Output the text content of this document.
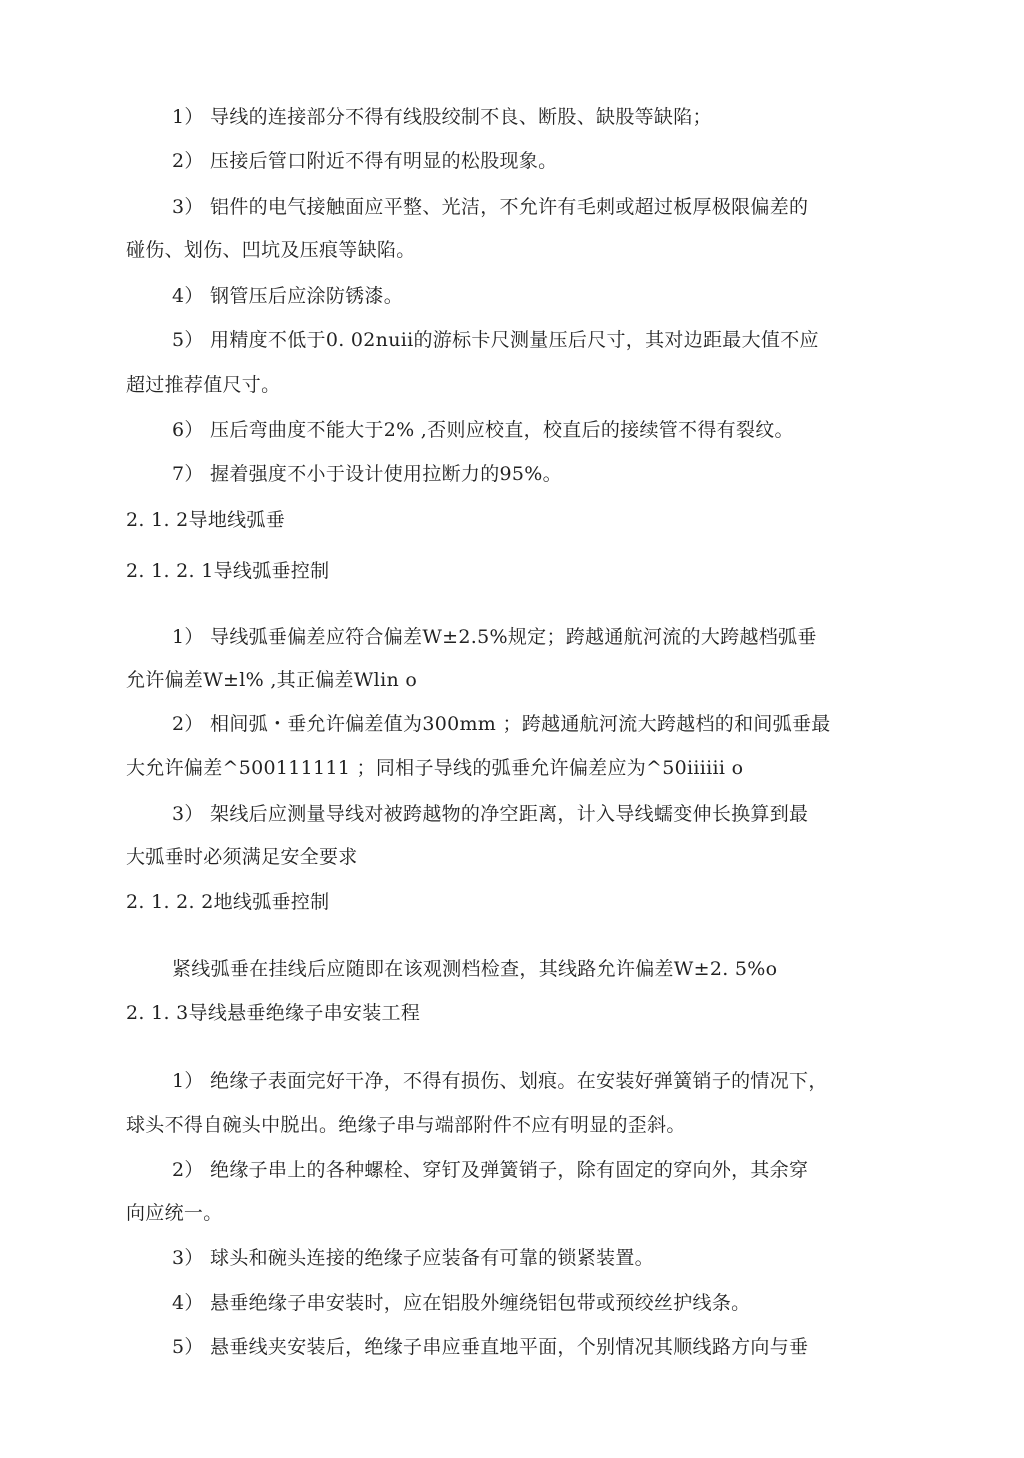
1） 导线的连接部分不得有线股绞制不良、断股、缺股等缺陷；
2） 压接后管口附近不得有明显的松股现象。
3） 铝件的电气接触面应平整、光洁，不允许有毛刺或超过板厚极限偏差的
碰伤、划伤、凹坑及压痕等缺陷。
4） 钢管压后应涂防锈漆。
5） 用精度不低于0. 02nuii的游标卡尺测量压后尺寸，其对边距最大值不应
超过推荐值尺寸。
6） 压后弯曲度不能大于2% ,否则应校直，校直后的接续管不得有裂纹。
7） 握着强度不小于设计使用拉断力的95%。
2. 1. 2导地线弧垂
2. 1. 2. 1导线弧垂控制
1） 导线弧垂偏差应符合偏差W±2.5%规定；跨越通航河流的大跨越档弧垂
允许偏差W±l% ,其正偏差Wlin o
2） 相间弧・垂允许偏差值为300mm ；跨越通航河流大跨越档的和间弧垂最
大允许偏差^500111111 ；同相子导线的弧垂允许偏差应为^50iiiiii o
3） 架线后应测量导线对被跨越物的净空距离，计入导线蠕变伸长换算到最
大弧垂时必须满足安全要求
2. 1. 2. 2地线弧垂控制
紧线弧垂在挂线后应随即在该观测档检查，其线路允许偏差W±2. 5%o
2. 1. 3导线悬垂绝缘子串安装工程
1） 绝缘子表面完好干净，不得有损伤、划痕。在安装好弹簧销子的情况下，
球头不得自碗头中脱出。绝缘子串与端部附件不应有明显的歪斜。
2） 绝缘子串上的各种螺栓、穿钉及弹簧销子，除有固定的穿向外，其余穿
向应统一。
3） 球头和碗头连接的绝缘子应装备有可靠的锁紧装置。
4） 悬垂绝缘子串安装时，应在铝股外缠绕铝包带或预绞丝护线条。
5） 悬垂线夹安装后，绝缘子串应垂直地平面，个别情况其顺线路方向与垂
